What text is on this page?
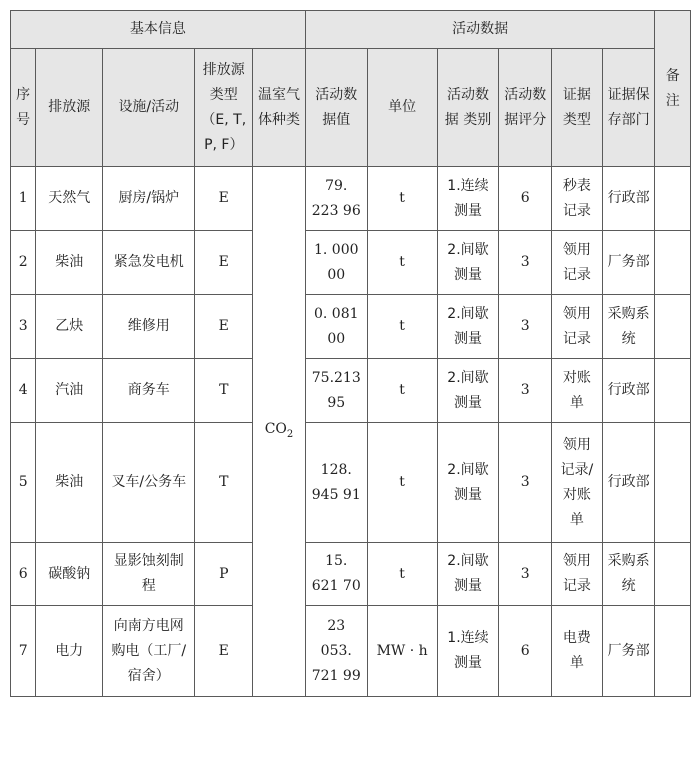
基本信息					活动数据						备注
序号	排放源	设施/活动	排放源类型（E, T, P, F）	温室气体种类	活动数据值	单位	活动数据 类别	活动数据评分	证据类型	证据保 存部门	
1	天然气	厨房/锅炉	E	$CO_2$	79. 223 96	t	1.连续测量	6	秒表记录	行政部	
2	柴油	紧急发电机	E		1. 000 00	t	2.间歇测量	3	领用记录	厂务部	
3	乙炔	维修用	E		0. 081 00	t	2.间歇测量	3	领用记录	采购系统	
4	汽油	商务车	T		75.213 95	t	2.间歇测量	3	对账单	行政部	
5	柴油	叉车/公务车	T		128. 945 91	t	2.间歇测量	3	领用记录/对账单	行政部	
6	碳酸钠	显影蚀刻制程	P		15. 621 70	t	2.间歇测量	3	领用记录	采购系统	
7	电力	向南方电网购电（工厂/宿舍）	E		23 053. 721 99	MW · h	1.连续测量	6	电费单	厂务部	
